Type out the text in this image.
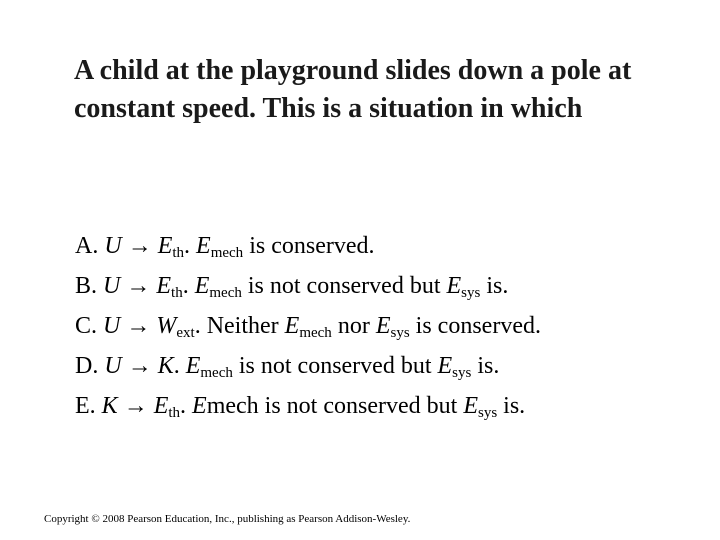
A child at the playground slides down a pole at constant speed. This is a situation in which
A. $U \to E_{th}$. $E_{mech}$ is conserved.
B. $U \to E_{th}$. $E_{mech}$ is not conserved but $E_{sys}$ is.
C. $U \to W_{ext}$. Neither $E_{mech}$ nor $E_{sys}$ is conserved.
D. U → K. $E_{mech}$ is not conserved but $E_{sys}$ is.
E. $K \to E_{th}$. Emech is not conserved but $E_{sys}$ is.
Copyright © 2008 Pearson Education, Inc., publishing as Pearson Addison-Wesley.
